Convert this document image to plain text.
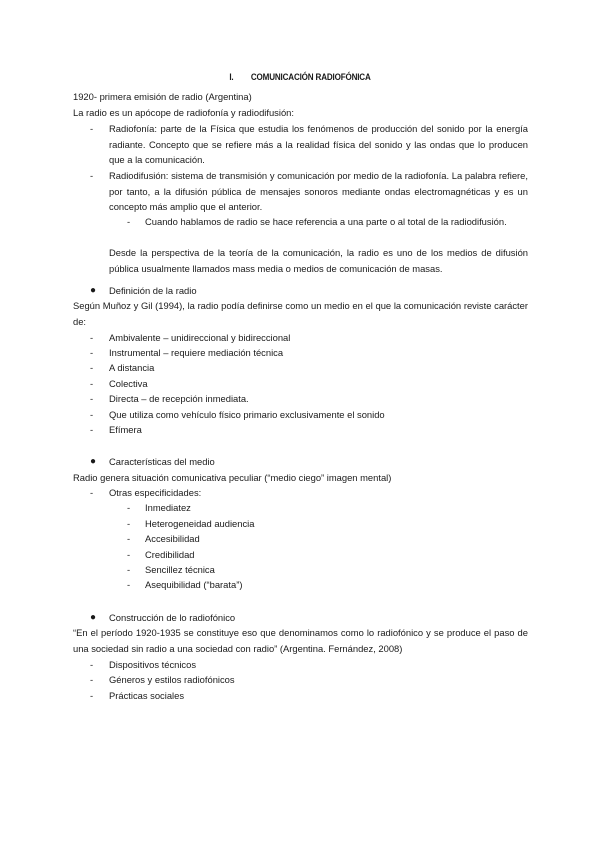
I. COMUNICACIÓN RADIOFÓNICA
1920- primera emisión de radio (Argentina)
La radio es un apócope de radiofonía y radiodifusión:
- Radiofonía: parte de la Física que estudia los fenómenos de producción del sonido por la energía radiante. Concepto que se refiere más a la realidad física del sonido y las ondas que lo producen que a la comunicación.
- Radiodifusión: sistema de transmisión y comunicación por medio de la radiofonía. La palabra refiere, por tanto, a la difusión pública de mensajes sonoros mediante ondas electromagnéticas y es un concepto más amplio que el anterior.
- Cuando hablamos de radio se hace referencia a una parte o al total de la radiodifusión.
Desde la perspectiva de la teoría de la comunicación, la radio es uno de los medios de difusión pública usualmente llamados mass media o medios de comunicación de masas.
● Definición de la radio
Según Muñoz y Gil (1994), la radio podía definirse como un medio en el que la comunicación reviste carácter de:
- Ambivalente – unidireccional y bidireccional
- Instrumental – requiere mediación técnica
- A distancia
- Colectiva
- Directa – de recepción inmediata.
- Que utiliza como vehículo físico primario exclusivamente el sonido
- Efímera
● Características del medio
Radio genera situación comunicativa peculiar (“medio ciego” imagen mental)
- Otras especificidades:
- Inmediatez
- Heterogeneidad audiencia
- Accesibilidad
- Credibilidad
- Sencillez técnica
- Asequibilidad (“barata”)
● Construcción de lo radiofónico
“En el período 1920-1935 se constituye eso que denominamos como lo radiofónico y se produce el paso de una sociedad sin radio a una sociedad con radio” (Argentina. Fernández, 2008)
- Dispositivos técnicos
- Géneros y estilos radiofónicos
- Prácticas sociales
